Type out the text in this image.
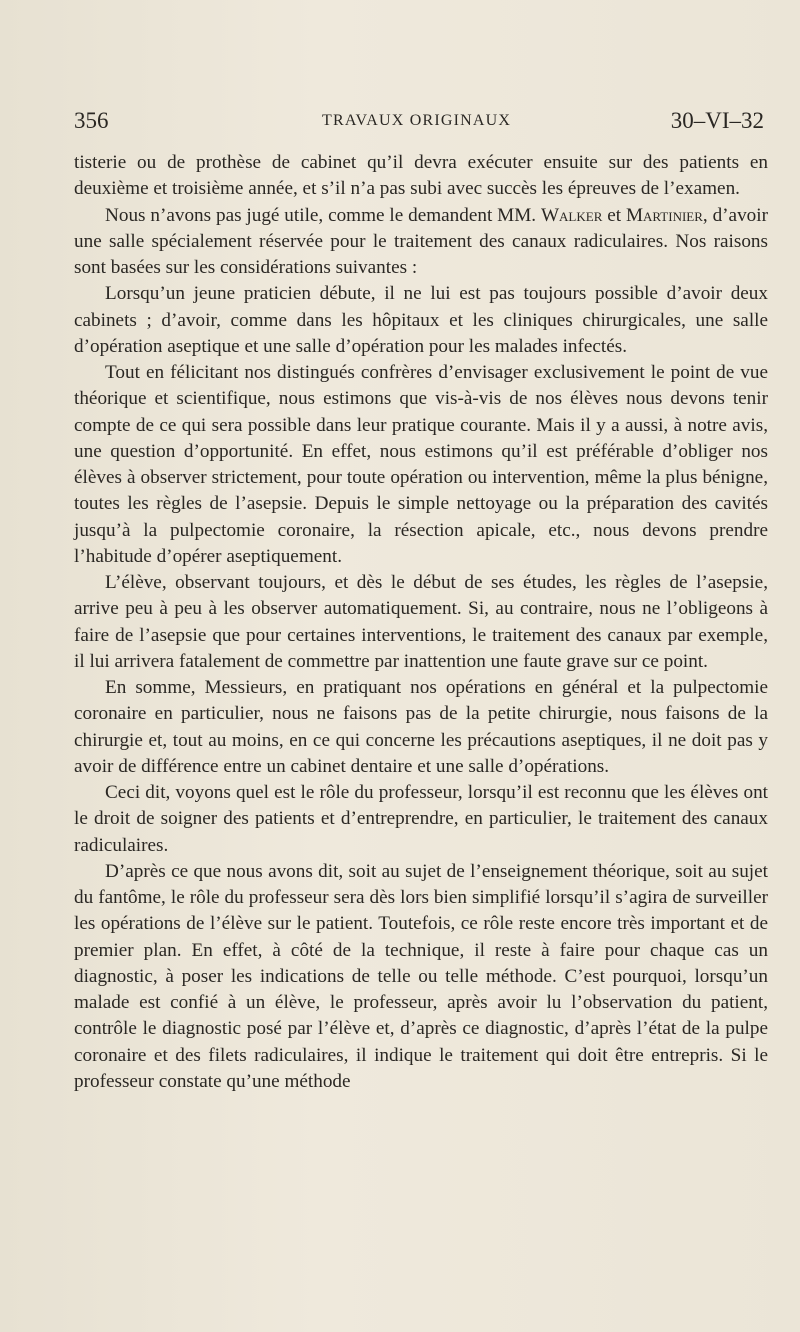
356	TRAVAUX ORIGINAUX	30–VI–32

tisterie ou de prothèse de cabinet qu’il devra exécuter ensuite sur des patients en deuxième et troisième année, et s’il n’a pas subi avec succès les épreuves de l’examen.

Nous n’avons pas jugé utile, comme le demandent MM. Walker et Martinier, d’avoir une salle spécialement réservée pour le traitement des canaux radiculaires. Nos raisons sont basées sur les considérations suivantes :

Lorsqu’un jeune praticien débute, il ne lui est pas toujours possible d’avoir deux cabinets ; d’avoir, comme dans les hôpitaux et les cliniques chirurgicales, une salle d’opération aseptique et une salle d’opération pour les malades infectés.

Tout en félicitant nos distingués confrères d’envisager exclusivement le point de vue théorique et scientifique, nous estimons que vis-à-vis de nos élèves nous devons tenir compte de ce qui sera possible dans leur pratique courante. Mais il y a aussi, à notre avis, une question d’opportunité. En effet, nous estimons qu’il est préférable d’obliger nos élèves à observer strictement, pour toute opération ou intervention, même la plus bénigne, toutes les règles de l’asepsie. Depuis le simple nettoyage ou la préparation des cavités jusqu’à la pulpectomie coronaire, la résection apicale, etc., nous devons prendre l’habitude d’opérer aseptiquement.

L’élève, observant toujours, et dès le début de ses études, les règles de l’asepsie, arrive peu à peu à les observer automatiquement. Si, au contraire, nous ne l’obligeons à faire de l’asepsie que pour certaines interventions, le traitement des canaux par exemple, il lui arrivera fatalement de commettre par inattention une faute grave sur ce point.

En somme, Messieurs, en pratiquant nos opérations en général et la pulpectomie coronaire en particulier, nous ne faisons pas de la petite chirurgie, nous faisons de la chirurgie et, tout au moins, en ce qui concerne les précautions aseptiques, il ne doit pas y avoir de différence entre un cabinet dentaire et une salle d’opérations.

Ceci dit, voyons quel est le rôle du professeur, lorsqu’il est reconnu que les élèves ont le droit de soigner des patients et d’entreprendre, en particulier, le traitement des canaux radiculaires.

D’après ce que nous avons dit, soit au sujet de l’enseignement théorique, soit au sujet du fantôme, le rôle du professeur sera dès lors bien simplifié lorsqu’il s’agira de surveiller les opérations de l’élève sur le patient. Toutefois, ce rôle reste encore très important et de premier plan. En effet, à côté de la technique, il reste à faire pour chaque cas un diagnostic, à poser les indications de telle ou telle méthode. C’est pourquoi, lorsqu’un malade est confié à un élève, le professeur, après avoir lu l’observation du patient, contrôle le diagnostic posé par l’élève et, d’après ce diagnostic, d’après l’état de la pulpe coronaire et des filets radiculaires, il indique le traitement qui doit être entrepris. Si le professeur constate qu’une méthode
